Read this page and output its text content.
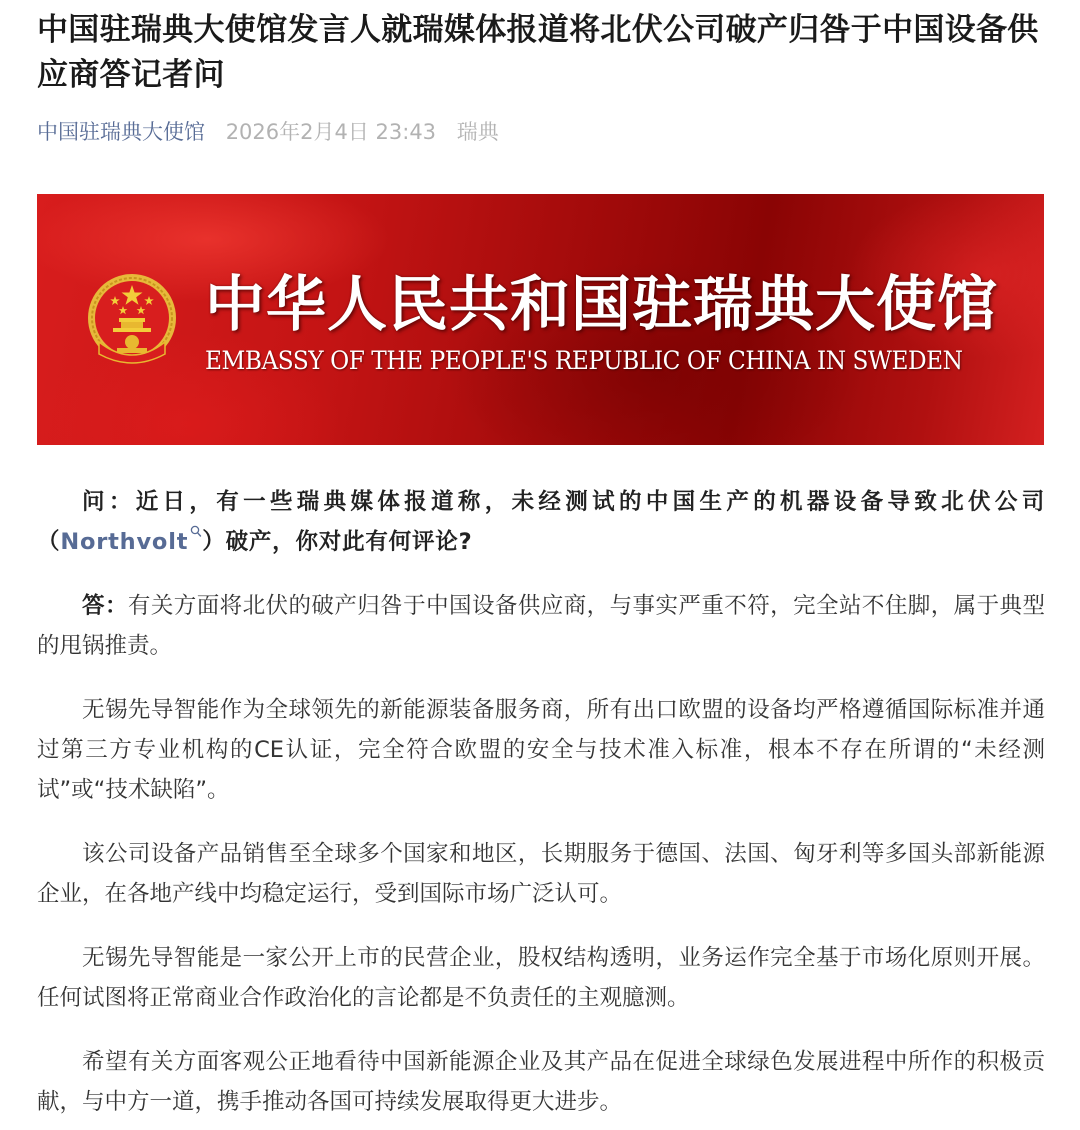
中国驻瑞典大使馆发言人就瑞媒体报道将北伏公司破产归咎于中国设备供应商答记者问
中国驻瑞典大使馆 2026年2月4日 23:43 瑞典
中华人民共和国驻瑞典大使馆
EMBASSY OF THE PEOPLE'S REPUBLIC OF CHINA IN SWEDEN

问：近日，有一些瑞典媒体报道称，未经测试的中国生产的机器设备导致北伏公司（Northvolt ）破产，你对此有何评论?

答：有关方面将北伏的破产归咎于中国设备供应商，与事实严重不符，完全站不住脚，属于典型的甩锅推责。

无锡先导智能作为全球领先的新能源装备服务商，所有出口欧盟的设备均严格遵循国际标准并通过第三方专业机构的CE认证，完全符合欧盟的安全与技术准入标准，根本不存在所谓的“未经测试”或“技术缺陷”。

该公司设备产品销售至全球多个国家和地区，长期服务于德国、法国、匈牙利等多国头部新能源企业，在各地产线中均稳定运行，受到国际市场广泛认可。

无锡先导智能是一家公开上市的民营企业，股权结构透明，业务运作完全基于市场化原则开展。任何试图将正常商业合作政治化的言论都是不负责任的主观臆测。

希望有关方面客观公正地看待中国新能源企业及其产品在促进全球绿色发展进程中所作的积极贡献，与中方一道，携手推动各国可持续发展取得更大进步。
